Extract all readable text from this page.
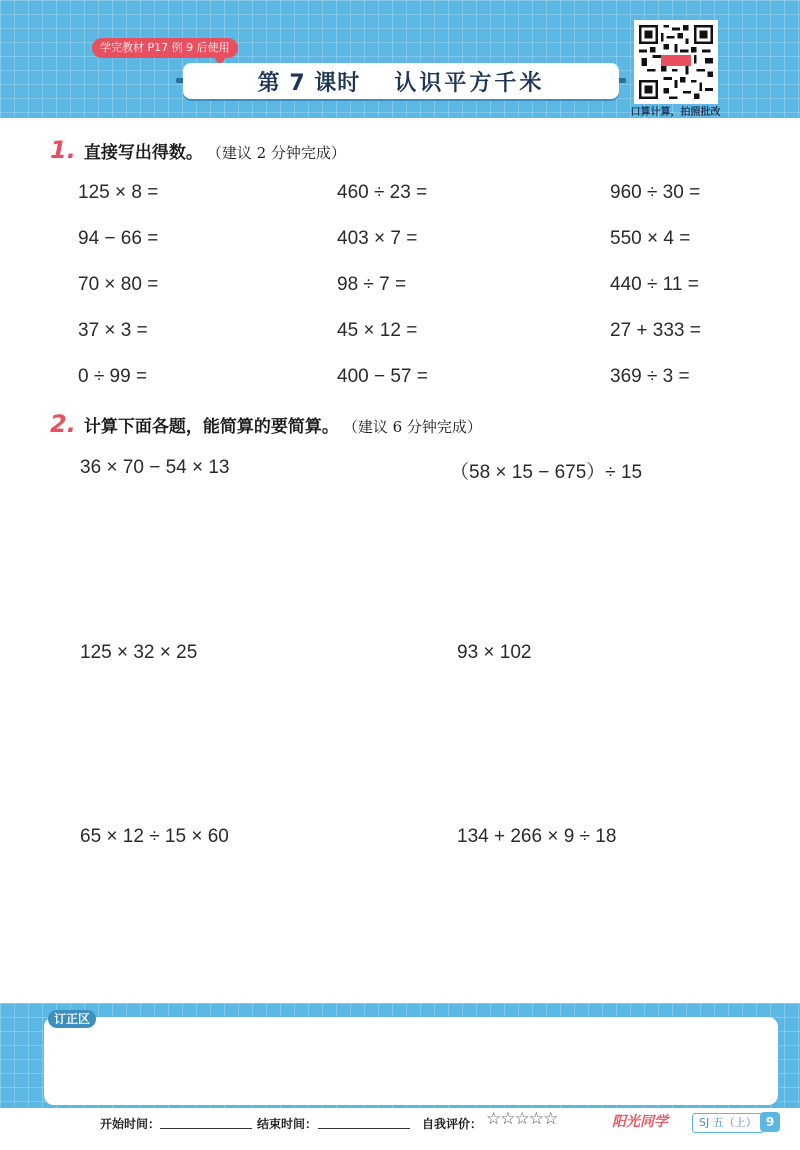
学完教材 P17 例 9 后使用
第 7 课时 认识平方千米
口算计算，拍照批改
1. 直接写出得数。 （建议 2 分钟完成）
125 × 8 =	460 ÷ 23 =	960 ÷ 30 =
94 − 66 =	403 × 7 =	550 × 4 =
70 × 80 =	98 ÷ 7 =	440 ÷ 11 =
37 × 3 =	45 × 12 =	27 + 333 =
0 ÷ 99 =	400 − 57 =	369 ÷ 3 =
2. 计算下面各题，能简算的要简算。 （建议 6 分钟完成）
36 × 70 − 54 × 13	（58 × 15 − 675）÷ 15
125 × 32 × 25	93 × 102
65 × 12 ÷ 15 × 60	134 + 266 × 9 ÷ 18
订正区
开始时间：	结束时间：	自我评价： ☆☆☆☆☆	阳光同学	SJ 五（上） 9
